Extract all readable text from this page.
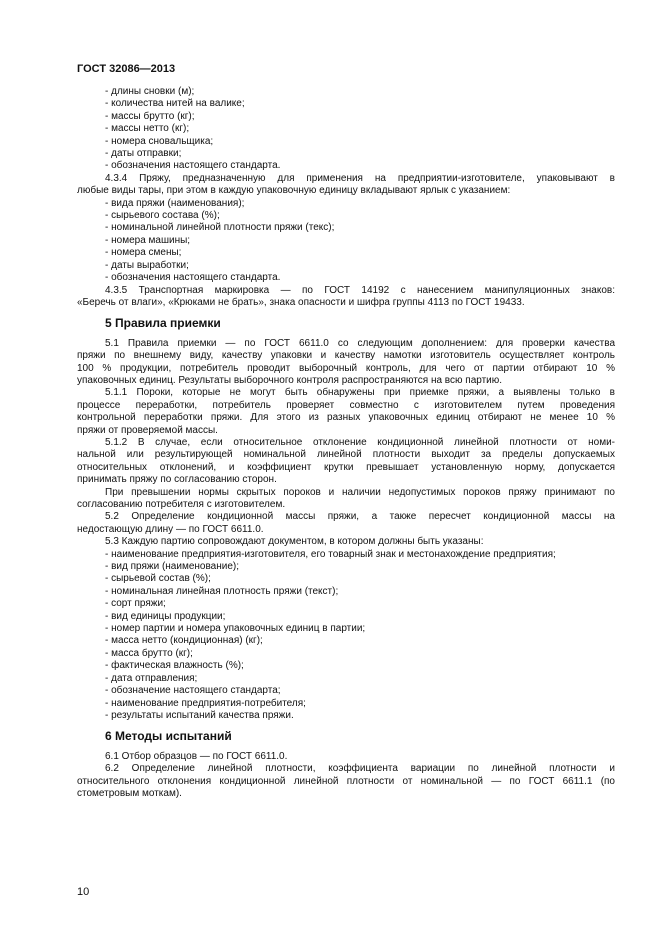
ГОСТ 32086—2013
- длины сновки (м);
- количества нитей на валике;
- массы брутто (кг);
- массы нетто (кг);
- номера сновальщика;
- даты отправки;
- обозначения настоящего стандарта.
4.3.4 Пряжу, предназначенную для применения на предприятии-изготовителе, упаковывают в
любые виды тары, при этом в каждую упаковочную единицу вкладывают ярлык с указанием:
- вида пряжи (наименования);
- сырьевого состава (%);
- номинальной линейной плотности пряжи (текс);
- номера машины;
- номера смены;
- даты выработки;
- обозначения настоящего стандарта.
4.3.5 Транспортная маркировка — по ГОСТ 14192 с нанесением манипуляционных знаков:
«Беречь от влаги», «Крюками не брать», знака опасности и шифра группы 4113 по ГОСТ 19433.
5 Правила приемки
5.1 Правила приемки — по ГОСТ 6611.0 со следующим дополнением: для проверки качества
пряжи по внешнему виду, качеству упаковки и качеству намотки изготовитель осуществляет контроль
100 % продукции, потребитель проводит выборочный контроль, для чего от партии отбирают 10 %
упаковочных единиц. Результаты выборочного контроля распространяются на всю партию.
5.1.1 Пороки, которые не могут быть обнаружены при приемке пряжи, а выявлены только в
процессе переработки, потребитель проверяет совместно с изготовителем путем проведения
контрольной переработки пряжи. Для этого из разных упаковочных единиц отбирают не менее 10 %
пряжи от проверяемой массы.
5.1.2 В случае, если относительное отклонение кондиционной линейной плотности от номи-
нальной или результирующей номинальной линейной плотности выходит за пределы допускаемых
относительных отклонений, и коэффициент крутки превышает установленную норму, допускается
принимать пряжу по согласованию сторон.
При превышении нормы скрытых пороков и наличии недопустимых пороков пряжу принимают по
согласованию потребителя с изготовителем.
5.2 Определение кондиционной массы пряжи, а также пересчет кондиционной массы на
недостающую длину — по ГОСТ 6611.0.
5.3 Каждую партию сопровождают документом, в котором должны быть указаны:
- наименование предприятия-изготовителя, его товарный знак и местонахождение предприятия;
- вид пряжи (наименование);
- сырьевой состав (%);
- номинальная линейная плотность пряжи (текст);
- сорт пряжи;
- вид единицы продукции;
- номер партии и номера упаковочных единиц в партии;
- масса нетто (кондиционная) (кг);
- масса брутто (кг);
- фактическая влажность (%);
- дата отправления;
- обозначение настоящего стандарта;
- наименование предприятия-потребителя;
- результаты испытаний качества пряжи.
6 Методы испытаний
6.1 Отбор образцов — по ГОСТ 6611.0.
6.2 Определение линейной плотности, коэффициента вариации по линейной плотности и
относительного отклонения кондиционной линейной плотности от номинальной — по ГОСТ 6611.1 (по
стометровым моткам).
10
